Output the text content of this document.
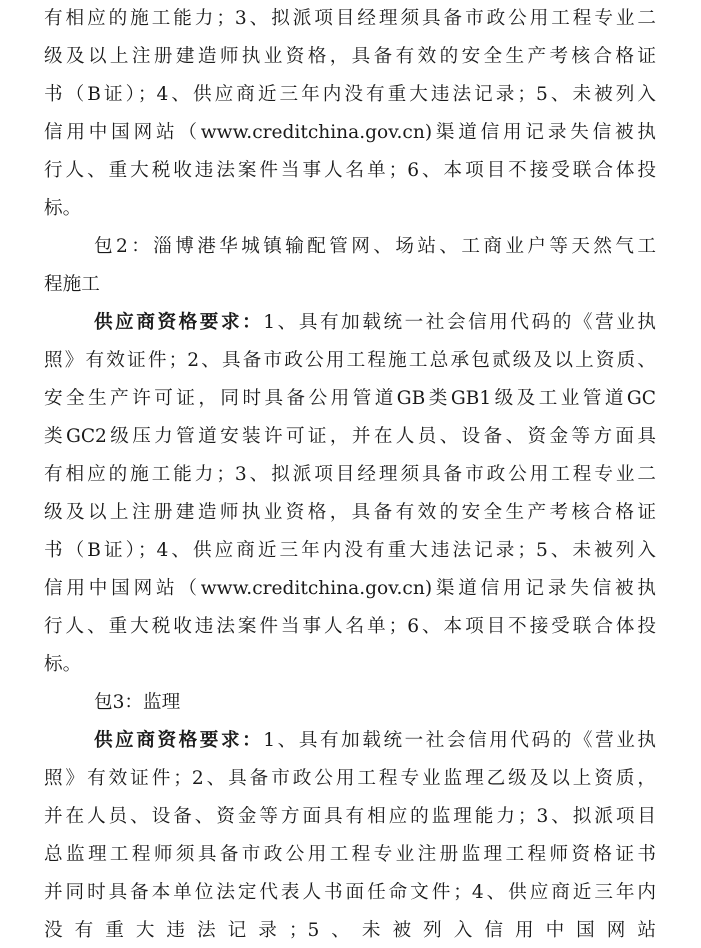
有相应的施工能力；3、拟派项目经理须具备市政公用工程专业二
级及以上注册建造师执业资格，具备有效的安全生产考核合格证
书（B证）；4、供应商近三年内没有重大违法记录；5、未被列入
信用中国网站（www.creditchina.gov.cn)渠道信用记录失信被执
行人、重大税收违法案件当事人名单；6、本项目不接受联合体投
标。
包2：淄博港华城镇输配管网、场站、工商业户等天然气工
程施工
供应商资格要求：1、具有加载统一社会信用代码的《营业执
照》有效证件；2、具备市政公用工程施工总承包贰级及以上资质、
安全生产许可证，同时具备公用管道GB类GB1级及工业管道GC
类GC2级压力管道安装许可证，并在人员、设备、资金等方面具
有相应的施工能力；3、拟派项目经理须具备市政公用工程专业二
级及以上注册建造师执业资格，具备有效的安全生产考核合格证
书（B证）；4、供应商近三年内没有重大违法记录；5、未被列入
信用中国网站（www.creditchina.gov.cn)渠道信用记录失信被执
行人、重大税收违法案件当事人名单；6、本项目不接受联合体投
标。
包3：监理
供应商资格要求：1、具有加载统一社会信用代码的《营业执
照》有效证件；2、具备市政公用工程专业监理乙级及以上资质，
并在人员、设备、资金等方面具有相应的监理能力；3、拟派项目
总监理工程师须具备市政公用工程专业注册监理工程师资格证书
并同时具备本单位法定代表人书面任命文件；4、供应商近三年内
没有重大违法记录；5、未被列入信用中国网站
